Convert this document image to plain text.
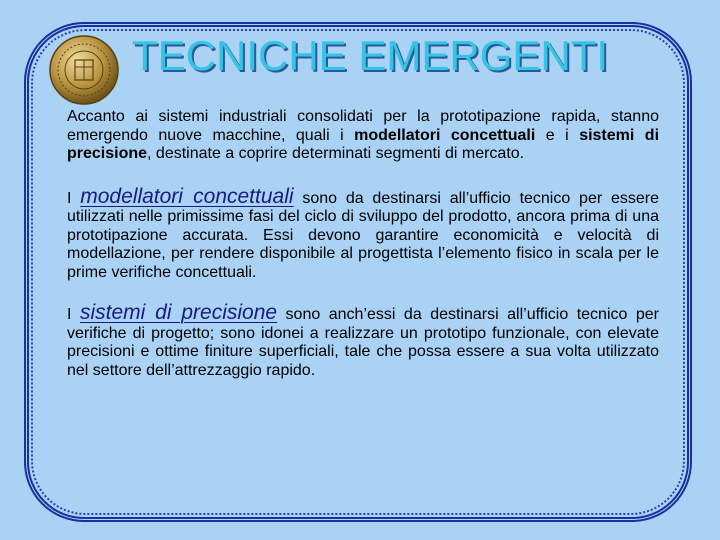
TECNICHE EMERGENTI

Accanto ai sistemi industriali consolidati per la prototipazione rapida, stanno emergendo nuove macchine, quali i modellatori concettuali e i sistemi di precisione, destinate a coprire determinati segmenti di mercato.

I modellatori concettuali sono da destinarsi all’ufficio tecnico per essere utilizzati nelle primissime fasi del ciclo di sviluppo del prodotto, ancora prima di una prototipazione accurata. Essi devono garantire economicità e velocità di modellazione, per rendere disponibile al progettista l’elemento fisico in scala per le prime verifiche concettuali.

I sistemi di precisione sono anch’essi da destinarsi all’ufficio tecnico per verifiche di progetto; sono idonei a realizzare un prototipo funzionale, con elevate precisioni e ottime finiture superficiali, tale che possa essere a sua volta utilizzato nel settore dell’attrezzaggio rapido.
